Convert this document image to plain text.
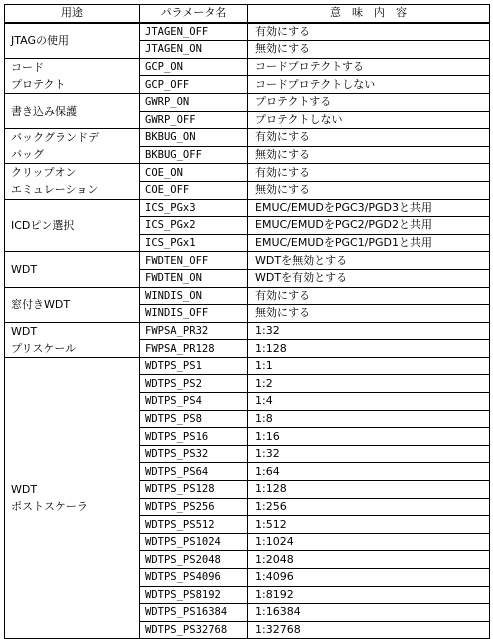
用途	パラメータ名	意　味　内　容
JTAGの使用	JTAGEN_OFF	有効にする
	JTAGEN_ON	無効にする
コード
プロテクト	GCP_ON	コードプロテクトする
	GCP_OFF	コードプロテクトしない
書き込み保護	GWRP_ON	プロテクトする
	GWRP_OFF	プロテクトしない
バックグランドデ
バッグ	BKBUG_ON	有効にする
	BKBUG_OFF	無効にする
クリップオン
エミュレーション	COE_ON	有効にする
	COE_OFF	無効にする
ICDピン選択	ICS_PGx3	EMUC/EMUDをPGC3/PGD3と共用
	ICS_PGx2	EMUC/EMUDをPGC2/PGD2と共用
	ICS_PGx1	EMUC/EMUDをPGC1/PGD1と共用
WDT	FWDTEN_OFF	WDTを無効とする
	FWDTEN_ON	WDTを有効とする
窓付きWDT	WINDIS_ON	有効にする
	WINDIS_OFF	無効にする
WDT
プリスケール	FWPSA_PR32	1:32
	FWPSA_PR128	1:128
WDT
ポストスケーラ	WDTPS_PS1	1:1
	WDTPS_PS2	1:2
	WDTPS_PS4	1:4
	WDTPS_PS8	1:8
	WDTPS_PS16	1:16
	WDTPS_PS32	1:32
	WDTPS_PS64	1:64
	WDTPS_PS128	1:128
	WDTPS_PS256	1:256
	WDTPS_PS512	1:512
	WDTPS_PS1024	1:1024
	WDTPS_PS2048	1:2048
	WDTPS_PS4096	1:4096
	WDTPS_PS8192	1:8192
	WDTPS_PS16384	1:16384
	WDTPS_PS32768	1:32768
